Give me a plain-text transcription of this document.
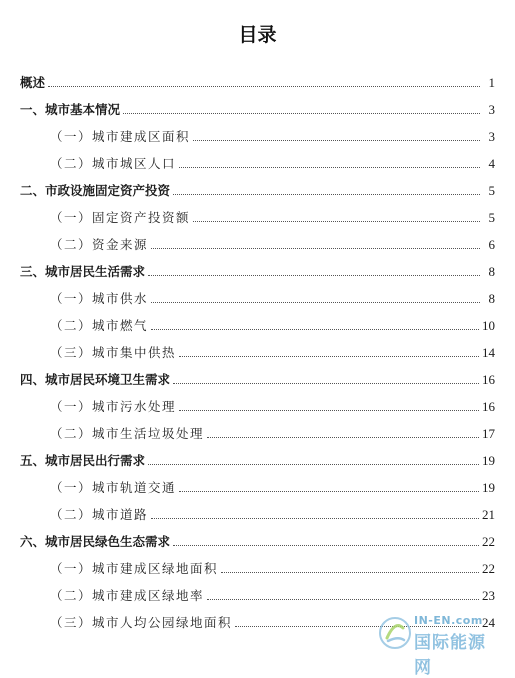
目录
概述	1
一、城市基本情况	3
（一）城市建成区面积	3
（二）城市城区人口	4
二、市政设施固定资产投资	5
（一）固定资产投资额	5
（二）资金来源	6
三、城市居民生活需求	8
（一）城市供水	8
（二）城市燃气	10
（三）城市集中供热	14
四、城市居民环境卫生需求	16
（一）城市污水处理	16
（二）城市生活垃圾处理	17
五、城市居民出行需求	19
（一）城市轨道交通	19
（二）城市道路	21
六、城市居民绿色生态需求	22
（一）城市建成区绿地面积	22
（二）城市建成区绿地率	23
（三）城市人均公园绿地面积	24
IN-EN.com
国际能源网
